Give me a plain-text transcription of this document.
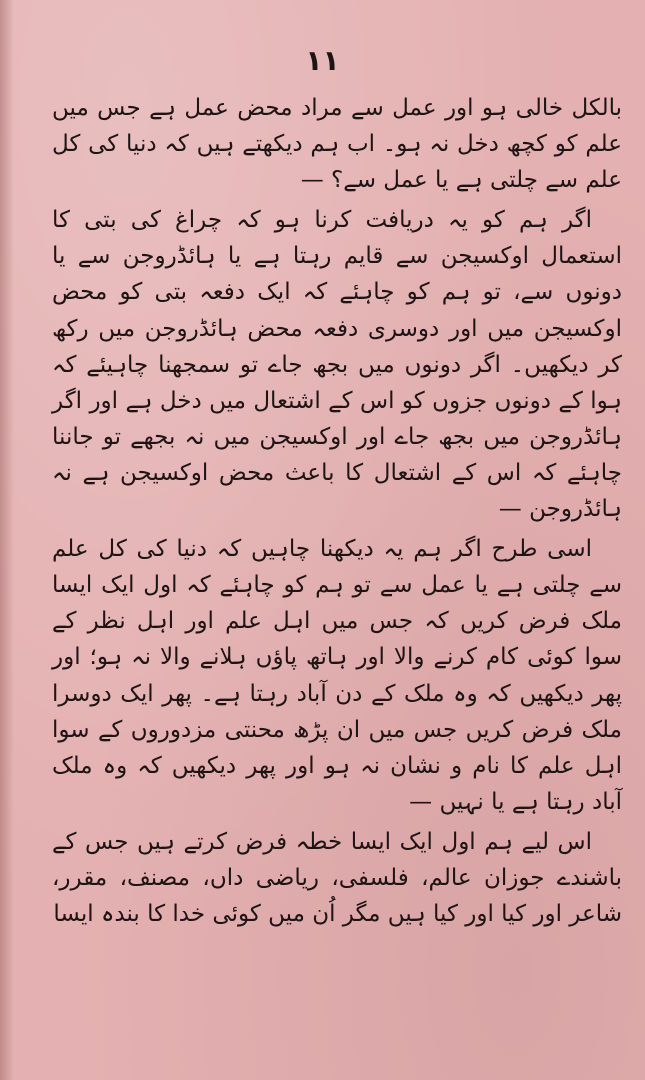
۱۱

بالکل خالی ہو اور عمل سے مراد محض عمل ہے جس میں علم کو کچھ دخل نہ ہو۔ اب ہم دیکھتے ہیں کہ دنیا کی کل علم سے چلتی ہے یا عمل سے؟ —

اگر ہم کو یہ دریافت کرنا ہو کہ چراغ کی بتی کا استعمال اوکسیجن سے قایم رہتا ہے یا ہائڈروجن سے یا دونوں سے، تو ہم کو چاہئے کہ ایک دفعہ بتی کو محض اوکسیجن میں اور دوسری دفعہ محض ہائڈروجن میں رکھ کر دیکھیں۔ اگر دونوں میں بجھ جاے تو سمجھنا چاہیئے کہ ہوا کے دونوں جزوں کو اس کے اشتعال میں دخل ہے اور اگر ہائڈروجن میں بجھ جاے اور اوکسیجن میں نہ بجھے تو جاننا چاہئے کہ اس کے اشتعال کا باعث محض اوکسیجن ہے نہ ہائڈروجن —

اسی طرح اگر ہم یہ دیکھنا چاہیں کہ دنیا کی کل علم سے چلتی ہے یا عمل سے تو ہم کو چاہئے کہ اول ایک ایسا ملک فرض کریں کہ جس میں اہل علم اور اہل نظر کے سوا کوئی کام کرنے والا اور ہاتھ پاؤں ہلانے والا نہ ہو؛ اور پھر دیکھیں کہ وہ ملک کے دن آباد رہتا ہے۔ پھر ایک دوسرا ملک فرض کریں جس میں ان پڑھ محنتی مزدوروں کے سوا اہل علم کا نام و نشان نہ ہو اور پھر دیکھیں کہ وہ ملک آباد رہتا ہے یا نہیں —

اس لیے ہم اول ایک ایسا خطہ فرض کرتے ہیں جس کے باشندے جوزان عالم، فلسفی، ریاضی داں، مصنف، مقرر، شاعر اور کیا اور کیا ہیں مگر اُن میں کوئی خدا کا بندہ ایسا
